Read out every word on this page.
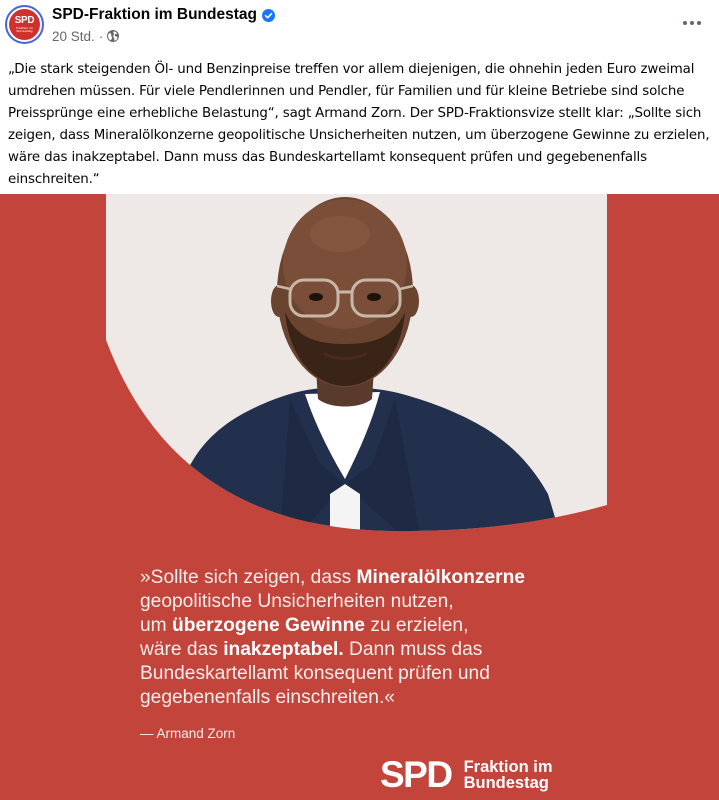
SPD
Fraktion im Bundestag
SPD-Fraktion im Bundestag
20 Std. ·
„Die stark steigenden Öl- und Benzinpreise treffen vor allem diejenigen, die ohnehin jeden Euro zweimal umdrehen müssen. Für viele Pendlerinnen und Pendler, für Familien und für kleine Betriebe sind solche Preissprünge eine erhebliche Belastung“, sagt Armand Zorn. Der SPD-Fraktionsvize stellt klar: „Sollte sich zeigen, dass Mineralölkonzerne geopolitische Unsicherheiten nutzen, um überzogene Gewinne zu erzielen, wäre das inakzeptabel. Dann muss das Bundeskartellamt konsequent prüfen und gegebenenfalls einschreiten.“
»Sollte sich zeigen, dass Mineralölkonzerne
geopolitische Unsicherheiten nutzen,
um überzogene Gewinne zu erzielen,
wäre das inakzeptabel. Dann muss das
Bundeskartellamt konsequent prüfen und
gegebenenfalls einschreiten.«
— Armand Zorn
SPD Fraktion im
Bundestag
